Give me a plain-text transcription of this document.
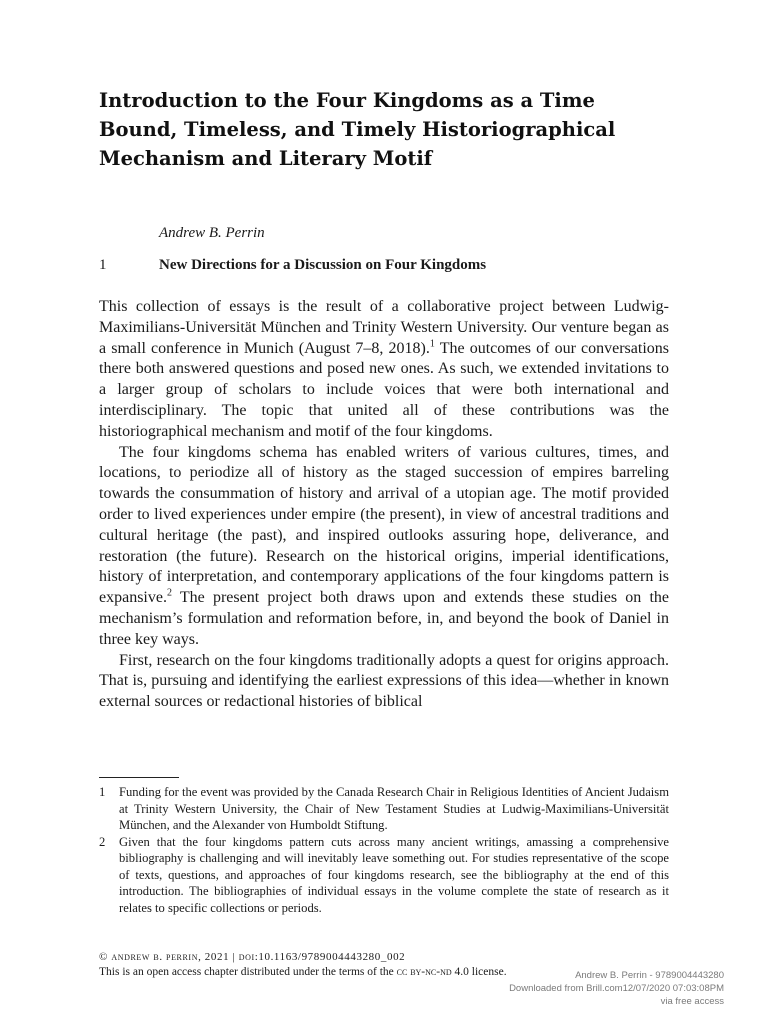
Introduction to the Four Kingdoms as a Time Bound, Timeless, and Timely Historiographical Mechanism and Literary Motif

Andrew B. Perrin

1	New Directions for a Discussion on Four Kingdoms

This collection of essays is the result of a collaborative project between Ludwig-Maximilians-Universität München and Trinity Western University. Our venture began as a small conference in Munich (August 7–8, 2018).$^1$ The outcomes of our conversations there both answered questions and posed new ones. As such, we extended invitations to a larger group of scholars to include voices that were both international and interdisciplinary. The topic that united all of these contributions was the historiographical mechanism and motif of the four kingdoms.

The four kingdoms schema has enabled writers of various cultures, times, and locations, to periodize all of history as the staged succession of empires barreling towards the consummation of history and arrival of a utopian age. The motif provided order to lived experiences under empire (the present), in view of ancestral traditions and cultural heritage (the past), and inspired outlooks assuring hope, deliverance, and restoration (the future). Research on the historical origins, imperial identifications, history of interpretation, and contemporary applications of the four kingdoms pattern is expansive.$^2$ The present project both draws upon and extends these studies on the mechanism’s formulation and reformation before, in, and beyond the book of Daniel in three key ways.

First, research on the four kingdoms traditionally adopts a quest for origins approach. That is, pursuing and identifying the earliest expressions of this idea—whether in known external sources or redactional histories of biblical

1	Funding for the event was provided by the Canada Research Chair in Religious Identities of Ancient Judaism at Trinity Western University, the Chair of New Testament Studies at Ludwig-Maximilians-Universität München, and the Alexander von Humboldt Stiftung.

2	Given that the four kingdoms pattern cuts across many ancient writings, amassing a comprehensive bibliography is challenging and will inevitably leave something out. For studies representative of the scope of texts, questions, and approaches of four kingdoms research, see the bibliography at the end of this introduction. The bibliographies of individual essays in the volume complete the state of research as it relates to specific collections or periods.

© andrew b. perrin, 2021 | doi:10.1163/9789004443280_002

This is an open access chapter distributed under the terms of the cc by-nc-nd 4.0 license.	Andrew B. Perrin - 9789004443280
Downloaded from Brill.com12/07/2020 07:03:08PM
via free access
